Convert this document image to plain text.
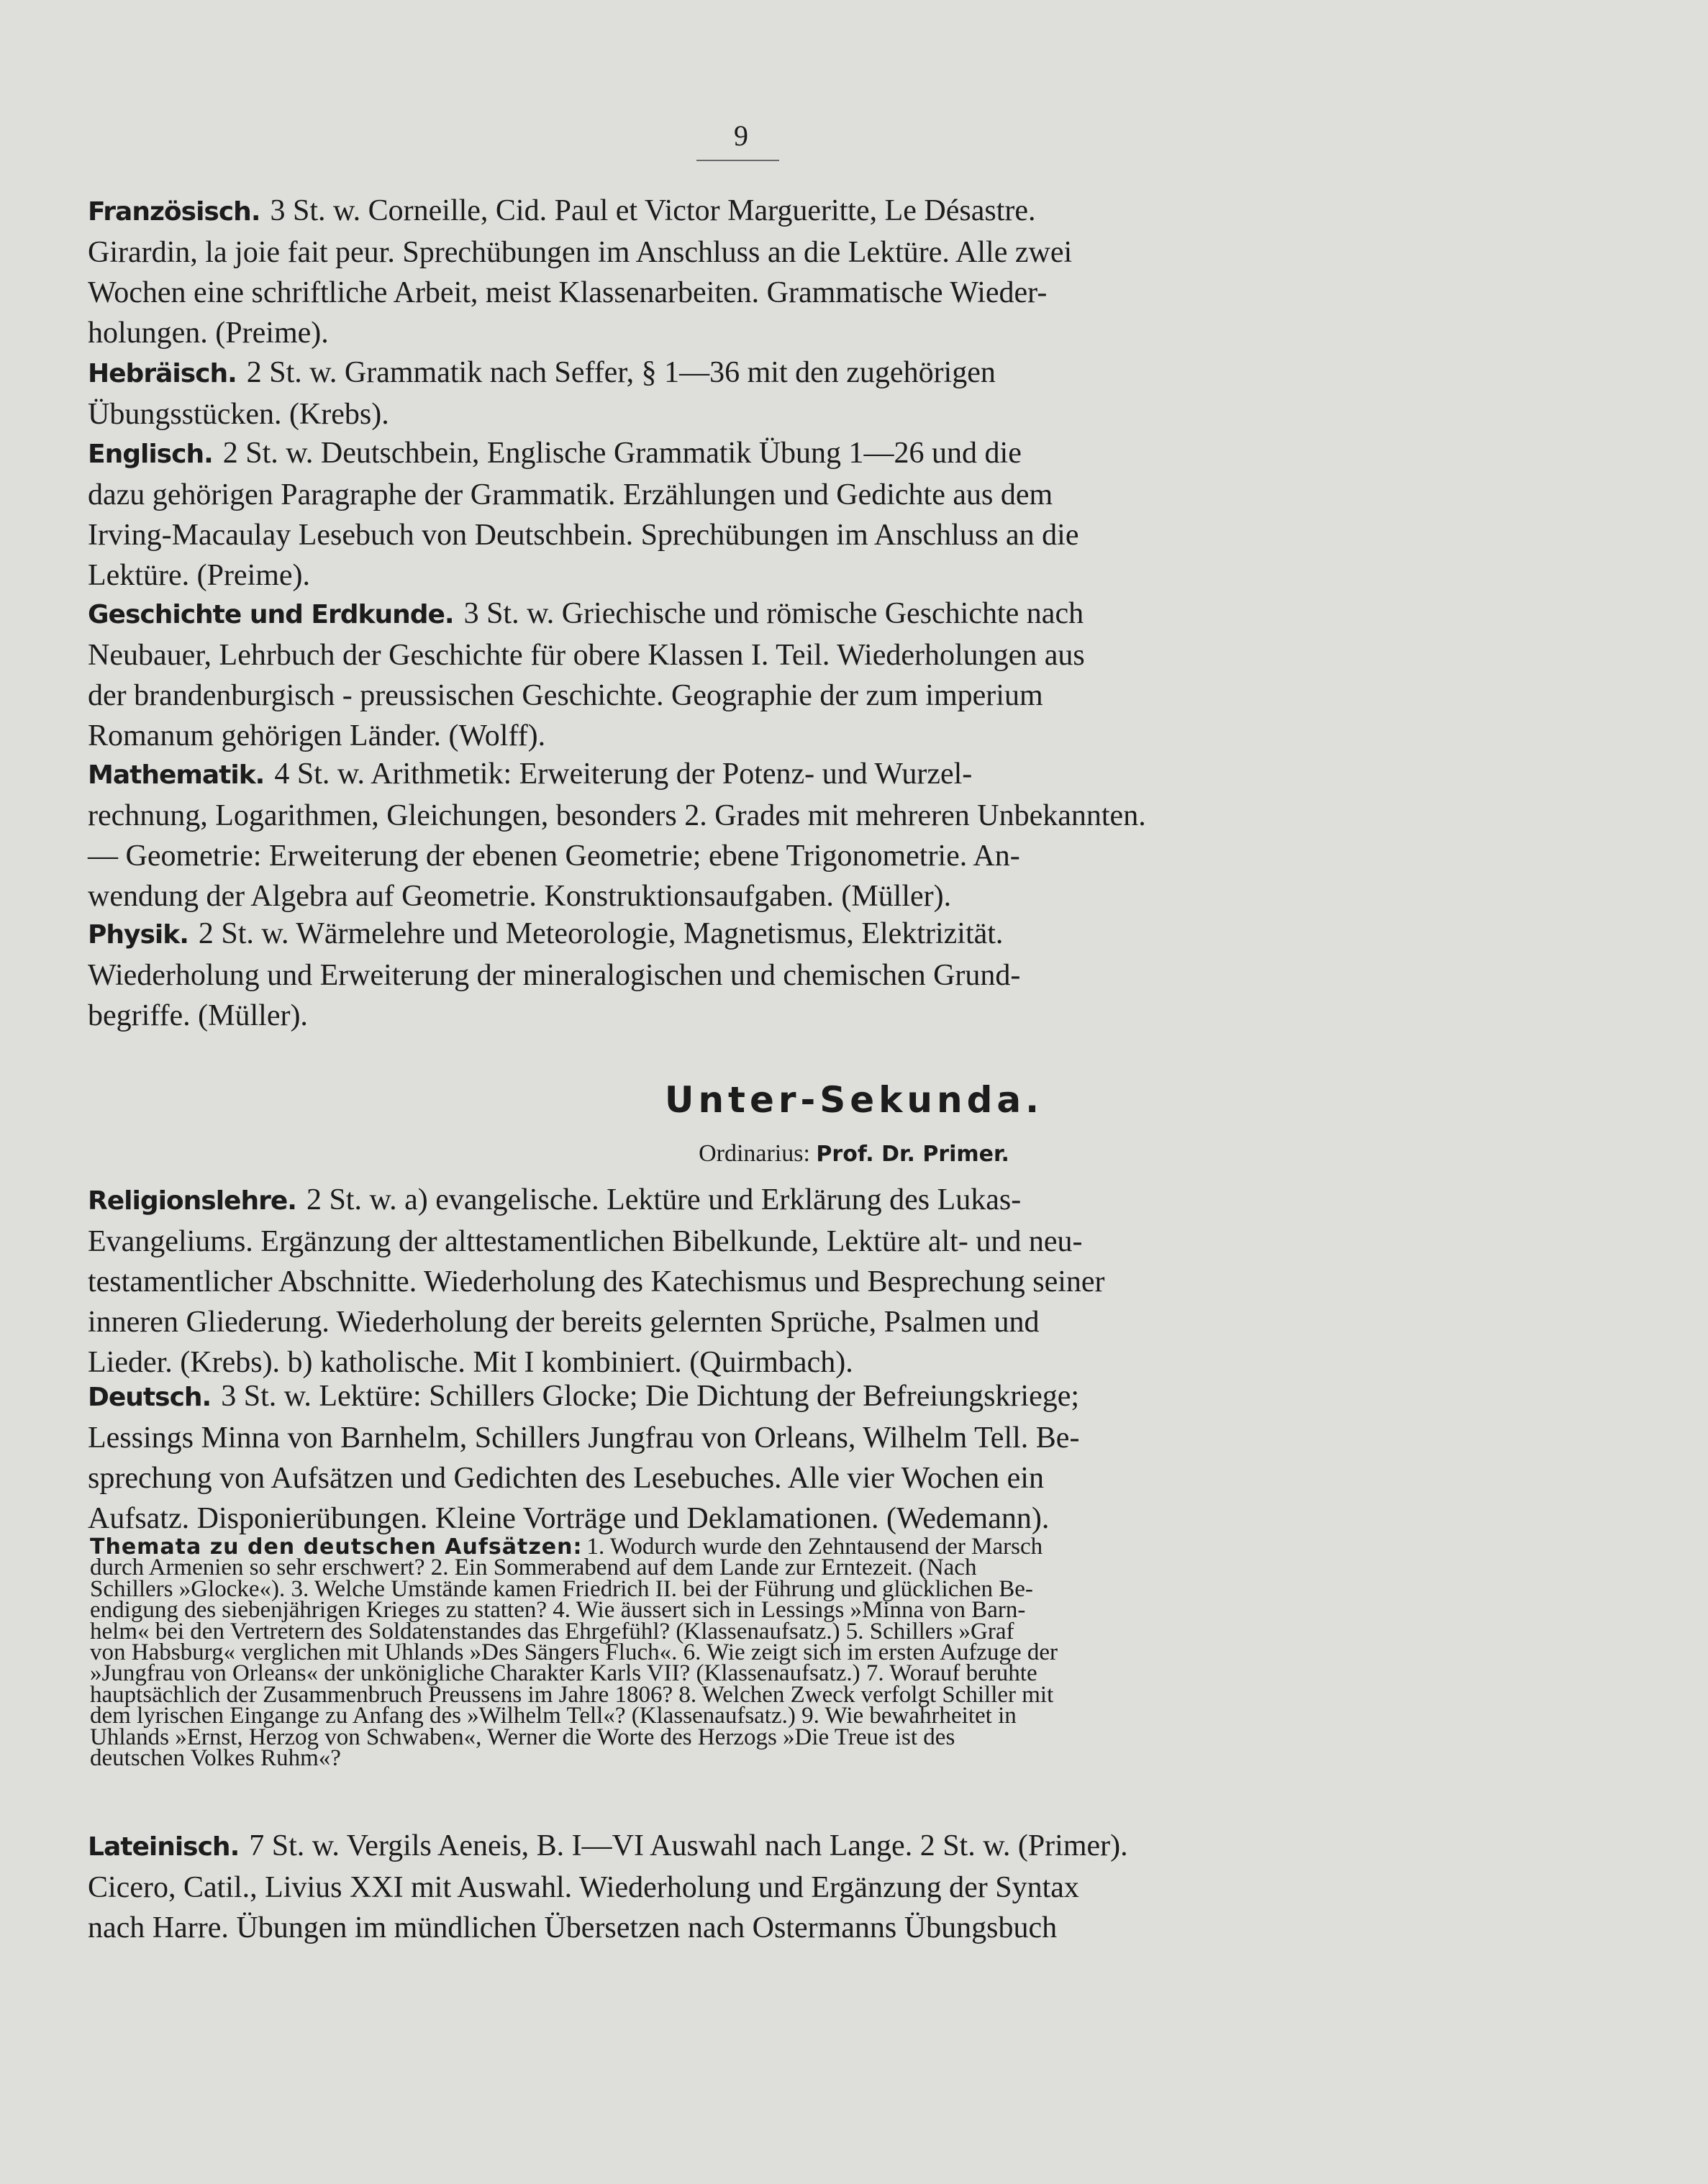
9
Französisch. 3 St. w. Corneille, Cid. Paul et Victor Margueritte, Le Désastre.
Girardin, la joie fait peur. Sprechübungen im Anschluss an die Lektüre. Alle zwei
Wochen eine schriftliche Arbeit, meist Klassenarbeiten. Grammatische Wieder-
holungen. (Preime).
Hebräisch. 2 St. w. Grammatik nach Seffer, § 1—36 mit den zugehörigen
Übungsstücken. (Krebs).
Englisch. 2 St. w. Deutschbein, Englische Grammatik Übung 1—26 und die
dazu gehörigen Paragraphe der Grammatik. Erzählungen und Gedichte aus dem
Irving-Macaulay Lesebuch von Deutschbein. Sprechübungen im Anschluss an die
Lektüre. (Preime).
Geschichte und Erdkunde. 3 St. w. Griechische und römische Geschichte nach
Neubauer, Lehrbuch der Geschichte für obere Klassen I. Teil. Wiederholungen aus
der brandenburgisch - preussischen Geschichte. Geographie der zum imperium
Romanum gehörigen Länder. (Wolff).
Mathematik. 4 St. w. Arithmetik: Erweiterung der Potenz- und Wurzel-
rechnung, Logarithmen, Gleichungen, besonders 2. Grades mit mehreren Unbekannten.
— Geometrie: Erweiterung der ebenen Geometrie; ebene Trigonometrie. An-
wendung der Algebra auf Geometrie. Konstruktionsaufgaben. (Müller).
Physik. 2 St. w. Wärmelehre und Meteorologie, Magnetismus, Elektrizität.
Wiederholung und Erweiterung der mineralogischen und chemischen Grund-
begriffe. (Müller).
Unter-Sekunda.
Ordinarius: Prof. Dr. Primer.
Religionslehre. 2 St. w. a) evangelische. Lektüre und Erklärung des Lukas-
Evangeliums. Ergänzung der alttestamentlichen Bibelkunde, Lektüre alt- und neu-
testamentlicher Abschnitte. Wiederholung des Katechismus und Besprechung seiner
inneren Gliederung. Wiederholung der bereits gelernten Sprüche, Psalmen und
Lieder. (Krebs). b) katholische. Mit I kombiniert. (Quirmbach).
Deutsch. 3 St. w. Lektüre: Schillers Glocke; Die Dichtung der Befreiungskriege;
Lessings Minna von Barnhelm, Schillers Jungfrau von Orleans, Wilhelm Tell. Be-
sprechung von Aufsätzen und Gedichten des Lesebuches. Alle vier Wochen ein
Aufsatz. Disponierübungen. Kleine Vorträge und Deklamationen. (Wedemann).
Themata zu den deutschen Aufsätzen: 1. Wodurch wurde den Zehntausend der Marsch
durch Armenien so sehr erschwert? 2. Ein Sommerabend auf dem Lande zur Erntezeit. (Nach
Schillers »Glocke«). 3. Welche Umstände kamen Friedrich II. bei der Führung und glücklichen Be-
endigung des siebenjährigen Krieges zu statten? 4. Wie äussert sich in Lessings »Minna von Barn-
helm« bei den Vertretern des Soldatenstandes das Ehrgefühl? (Klassenaufsatz.) 5. Schillers »Graf
von Habsburg« verglichen mit Uhlands »Des Sängers Fluch«. 6. Wie zeigt sich im ersten Aufzuge der
»Jungfrau von Orleans« der unkönigliche Charakter Karls VII? (Klassenaufsatz.) 7. Worauf beruhte
hauptsächlich der Zusammenbruch Preussens im Jahre 1806? 8. Welchen Zweck verfolgt Schiller mit
dem lyrischen Eingange zu Anfang des »Wilhelm Tell«? (Klassenaufsatz.) 9. Wie bewahrheitet in
Uhlands »Ernst, Herzog von Schwaben«, Werner die Worte des Herzogs »Die Treue ist des
deutschen Volkes Ruhm«?
Lateinisch. 7 St. w. Vergils Aeneis, B. I—VI Auswahl nach Lange. 2 St. w. (Primer).
Cicero, Catil., Livius XXI mit Auswahl. Wiederholung und Ergänzung der Syntax
nach Harre. Übungen im mündlichen Übersetzen nach Ostermanns Übungsbuch
